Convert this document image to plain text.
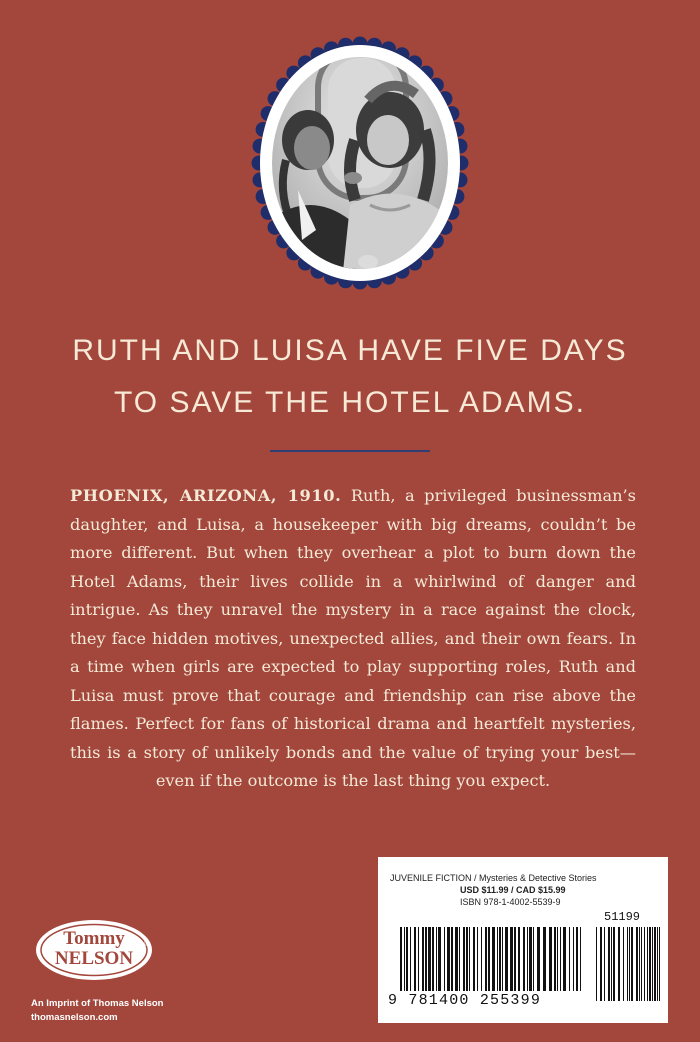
RUTH AND LUISA HAVE FIVE DAYS
TO SAVE THE HOTEL ADAMS.
PHOENIX, ARIZONA, 1910. Ruth, a privileged businessman’s daughter, and Luisa, a housekeeper with big dreams, couldn’t be more different. But when they overhear a plot to burn down the Hotel Adams, their lives collide in a whirlwind of danger and intrigue. As they unravel the mystery in a race against the clock, they face hidden motives, unexpected allies, and their own fears. In a time when girls are expected to play supporting roles, Ruth and Luisa must prove that courage and friendship can rise above the flames. Perfect for fans of historical drama and heartfelt mysteries, this is a story of unlikely bonds and the value of trying your best—even if the outcome is the last thing you expect.
Tommy
NELSON
®
An Imprint of Thomas Nelson
thomasnelson.com
JUVENILE FICTION / Mysteries & Detective Stories
USD $11.99 / CAD $15.99
ISBN 978-1-4002-5539-9
51199
9 781400 255399
